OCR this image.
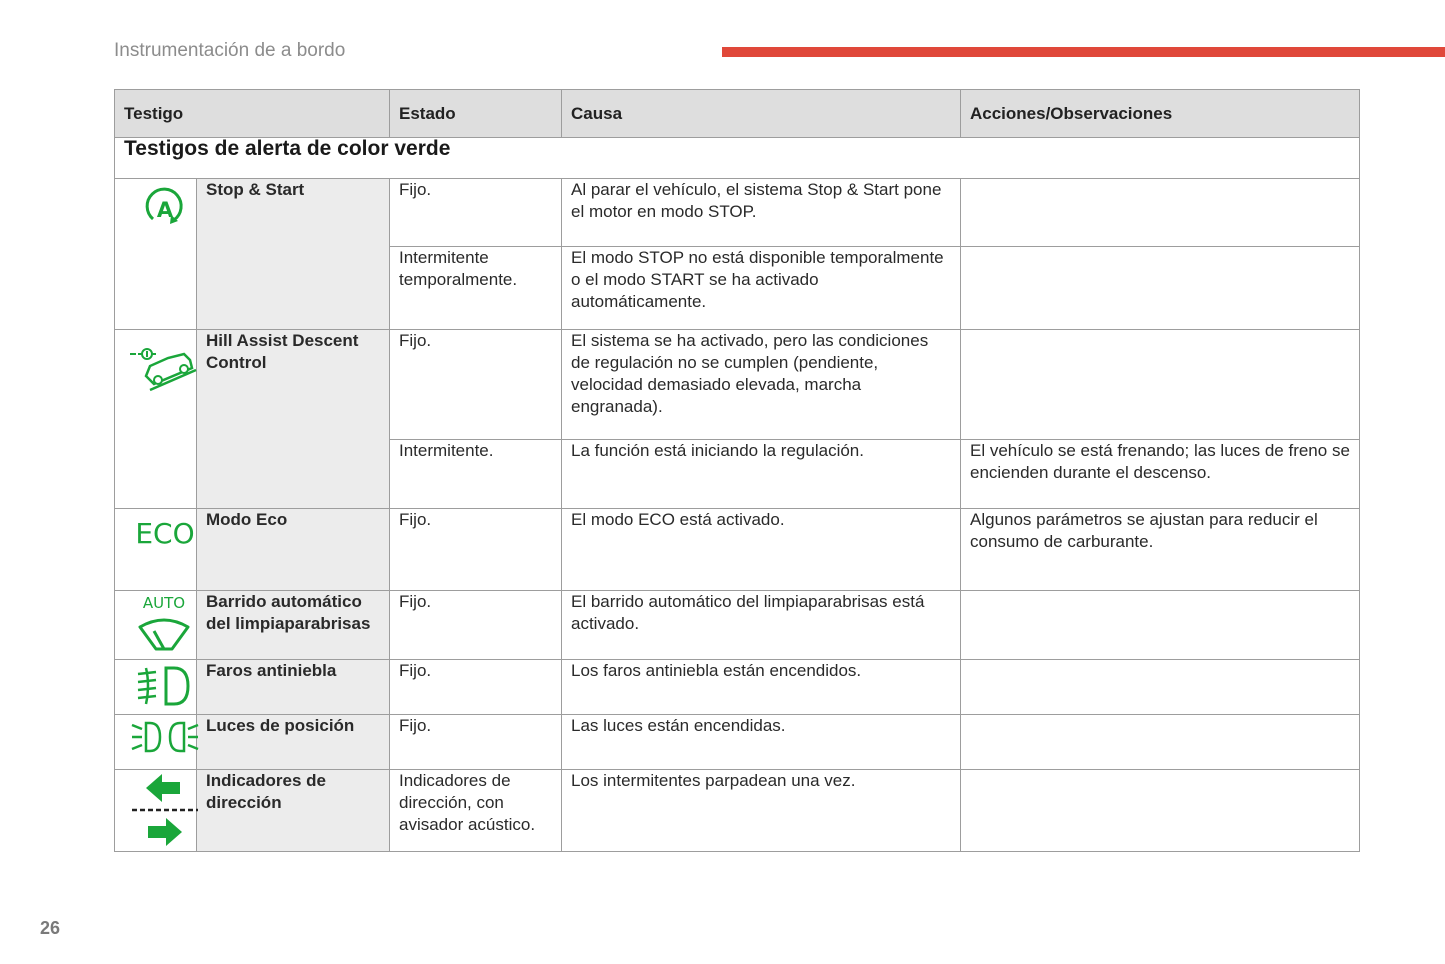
Instrumentación de a bordo
Testigo		Estado	Causa	Acciones/Observaciones
Testigos de alerta de color verde				

A	Stop & Start	Fijo.	Al parar el vehículo, el sistema Stop & Start pone el motor en modo STOP.	
		Intermitente temporalmente.	El modo STOP no está disponible temporalmente o el modo START se ha activado automáticamente.	

	Hill Assist Descent Control	Fijo.	El sistema se ha activado, pero las condiciones de regulación no se cumplen (pendiente, velocidad demasiado elevada, marcha engranada).	
		Intermitente.	La función está iniciando la regulación.	El vehículo se está frenando; las luces de freno se encienden durante el descenso.

ECO	Modo Eco	Fijo.	El modo ECO está activado.	Algunos parámetros se ajustan para reducir el consumo de carburante.

AUTO	Barrido automático del limpiaparabrisas	Fijo.	El barrido automático del limpiaparabrisas está activado.	

	Faros antiniebla	Fijo.	Los faros antiniebla están encendidos.	

	Luces de posición	Fijo.	Las luces están encendidas.	

	Indicadores de dirección	Indicadores de dirección, con avisador acústico.	Los intermitentes parpadean una vez.	
26
